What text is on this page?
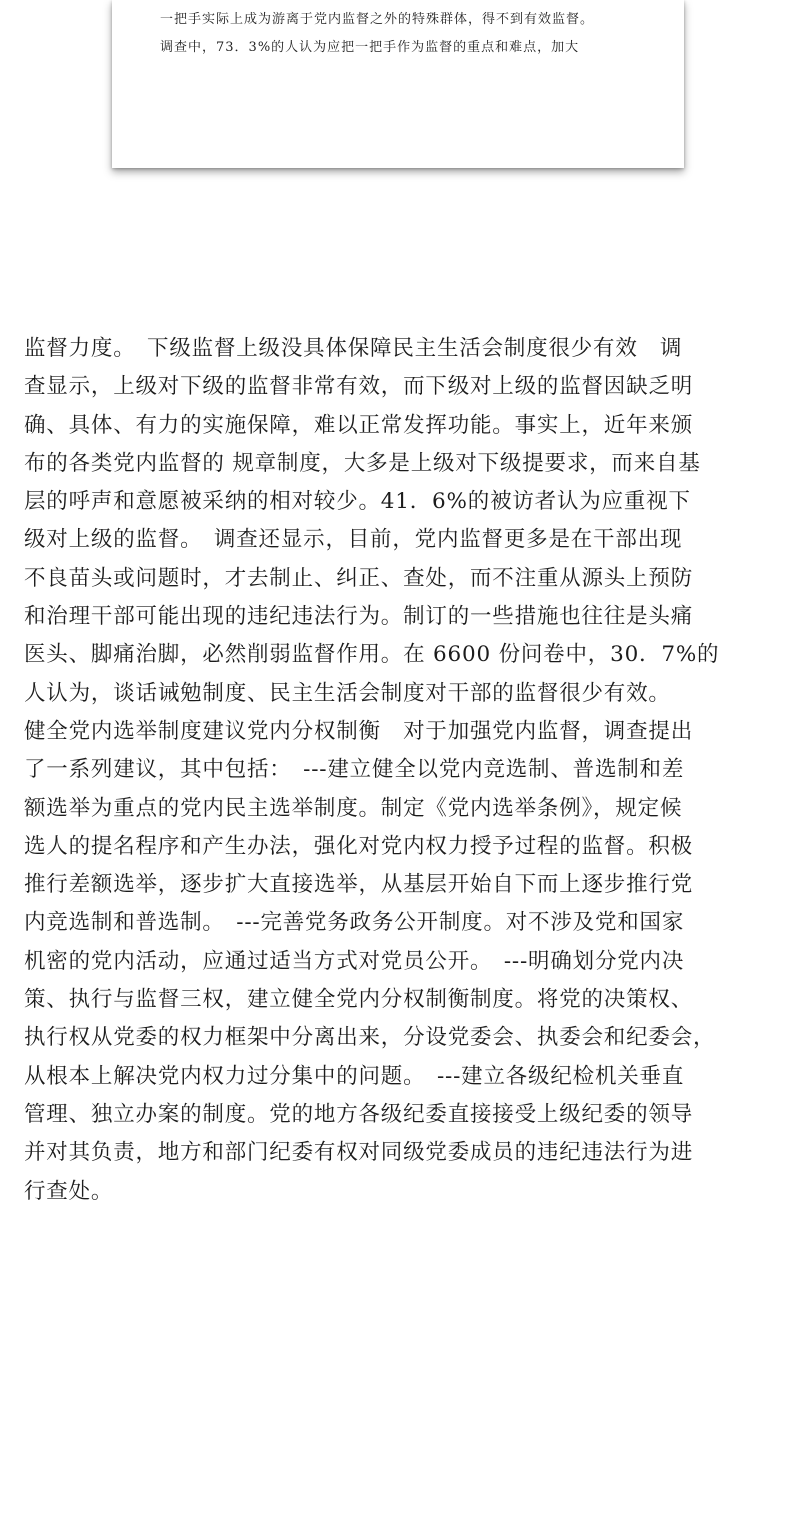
一把手实际上成为游离于党内监督之外的特殊群体，得不到有效监督。
调查中，73．3%的人认为应把一把手作为监督的重点和难点，加大
监督力度。　下级监督上级没具体保障民主生活会制度很少有效　调
查显示，上级对下级的监督非常有效，而下级对上级的监督因缺乏明
确、具体、有力的实施保障，难以正常发挥功能。事实上，近年来颁
布的各类党内监督的 规章制度，大多是上级对下级提要求，而来自基
层的呼声和意愿被采纳的相对较少。41．6%的被访者认为应重视下
级对上级的监督。　调查还显示，目前，党内监督更多是在干部出现
不良苗头或问题时，才去制止、纠正、查处，而不注重从源头上预防
和治理干部可能出现的违纪违法行为。制订的一些措施也往往是头痛
医头、脚痛治脚，必然削弱监督作用。在 6600 份问卷中，30．7%的
人认为，谈话诫勉制度、民主生活会制度对干部的监督很少有效。
健全党内选举制度建议党内分权制衡　对于加强党内监督，调查提出
了一系列建议，其中包括：　---建立健全以党内竞选制、普选制和差
额选举为重点的党内民主选举制度。制定《党内选举条例》，规定候
选人的提名程序和产生办法，强化对党内权力授予过程的监督。积极
推行差额选举，逐步扩大直接选举，从基层开始自下而上逐步推行党
内竞选制和普选制。　---完善党务政务公开制度。对不涉及党和国家
机密的党内活动，应通过适当方式对党员公开。　---明确划分党内决
策、执行与监督三权，建立健全党内分权制衡制度。将党的决策权、
执行权从党委的权力框架中分离出来，分设党委会、执委会和纪委会，
从根本上解决党内权力过分集中的问题。　---建立各级纪检机关垂直
管理、独立办案的制度。党的地方各级纪委直接接受上级纪委的领导
并对其负责，地方和部门纪委有权对同级党委成员的违纪违法行为进
行查处。
